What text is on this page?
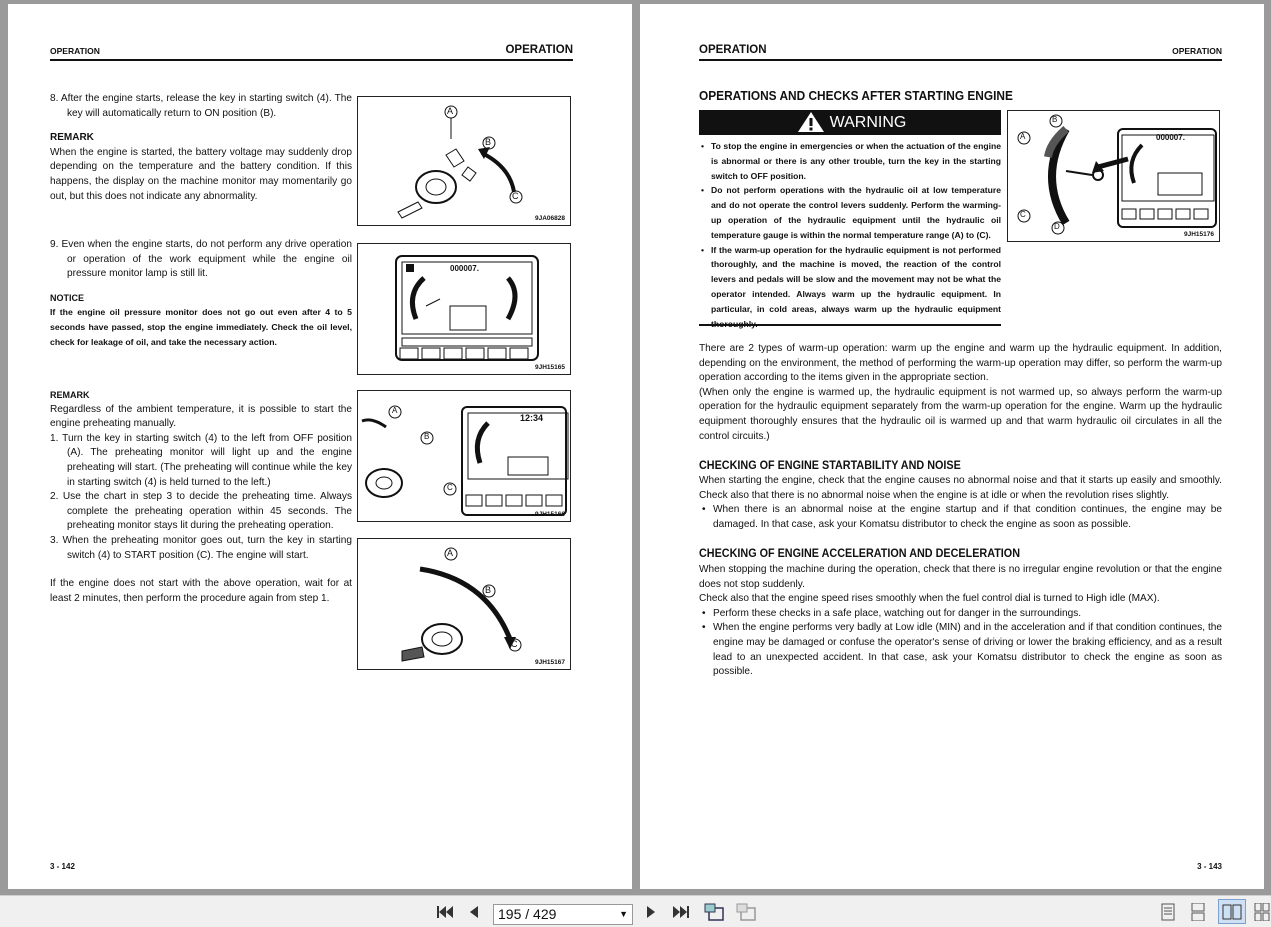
OPERATION	OPERATION

8. After the engine starts, release the key in starting switch (4). The key will automatically return to ON position (B).

REMARK

When the engine is started, the battery voltage may suddenly drop depending on the temperature and the battery condition. If this happens, the display on the machine monitor may momentarily go out, but this does not indicate any abnormality.

9. Even when the engine starts, do not perform any drive operation or operation of the work equipment while the engine oil pressure monitor lamp is still lit.

NOTICE

If the engine oil pressure monitor does not go out even after 4 to 5 seconds have passed, stop the engine immediately. Check the oil level, check for leakage of oil, and take the necessary action.

REMARK

Regardless of the ambient temperature, it is possible to start the engine preheating manually.

1. Turn the key in starting switch (4) to the left from OFF position (A). The preheating monitor will light up and the engine preheating will start. (The preheating will continue while the key in starting switch (4) is held turned to the left.)

2. Use the chart in step 3 to decide the preheating time. Always complete the preheating operation within 45 seconds. The preheating monitor stays lit during the preheating operation.

3. When the preheating monitor goes out, turn the key in starting switch (4) to START position (C). The engine will start.

If the engine does not start with the above operation, wait for at least 2 minutes, then perform the procedure again from step 1.

A
B
C
9JA06828
000007.
9JH15165
A
B
C
12:34
9JH15166
A
B
C
9JH15167
3 - 142
OPERATION	OPERATION
OPERATIONS AND CHECKS AFTER STARTING ENGINE
WARNING
• To stop the engine in emergencies or when the actuation of the engine is abnormal or there is any other trouble, turn the key in the starting switch to OFF position.
• Do not perform operations with the hydraulic oil at low temperature and do not operate the control levers suddenly. Perform the warming-up operation of the hydraulic equipment until the hydraulic oil temperature gauge is within the normal temperature range (A) to (C).
• If the warm-up operation for the hydraulic equipment is not performed thoroughly, and the machine is moved, the reaction of the control levers and pedals will be slow and the movement may not be what the operator intended. Always warm up the hydraulic equipment. In particular, in cold areas, always warm up the hydraulic equipment
A
B
C
D
000007.
9JH15176

There are 2 types of warm-up operation: warm up the engine and warm up the hydraulic equipment. In addition, depending on the environment, the method of performing the warm-up operation may differ, so perform the warm-up operation according to the items given in the appropriate section.

(When only the engine is warmed up, the hydraulic equipment is not warmed up, so always perform the warm-up operation for the hydraulic equipment separately from the warm-up operation for the engine. Warm up the hydraulic equipment thoroughly ensures that the hydraulic oil is warmed up and that warm hydraulic oil circulates in all the control circuits.)

CHECKING OF ENGINE STARTABILITY AND NOISE

When starting the engine, check that the engine causes no abnormal noise and that it starts up easily and smoothly. Check also that there is no abnormal noise when the engine is at idle or when the revolution rises slightly.

• When there is an abnormal noise at the engine startup and if that condition continues, the engine may be damaged. In that case, ask your Komatsu distributor to check the engine as soon as possible.
CHECKING OF ENGINE ACCELERATION AND DECELERATION

When stopping the machine during the operation, check that there is no irregular engine revolution or that the engine does not stop suddenly.

Check also that the engine speed rises smoothly when the fuel control dial is turned to High idle (MAX).

• Perform these checks in a safe place, watching out for danger in the surroundings.
• When the engine performs very badly at Low idle (MIN) and in the acceleration and if that condition continues, the engine may be damaged or confuse the operator's sense of driving or lower the braking efficiency, and as a result lead to an unexpected accident. In that case, ask your Komatsu distributor to check the engine as soon as possible.
3 - 143
195 / 429	▼
